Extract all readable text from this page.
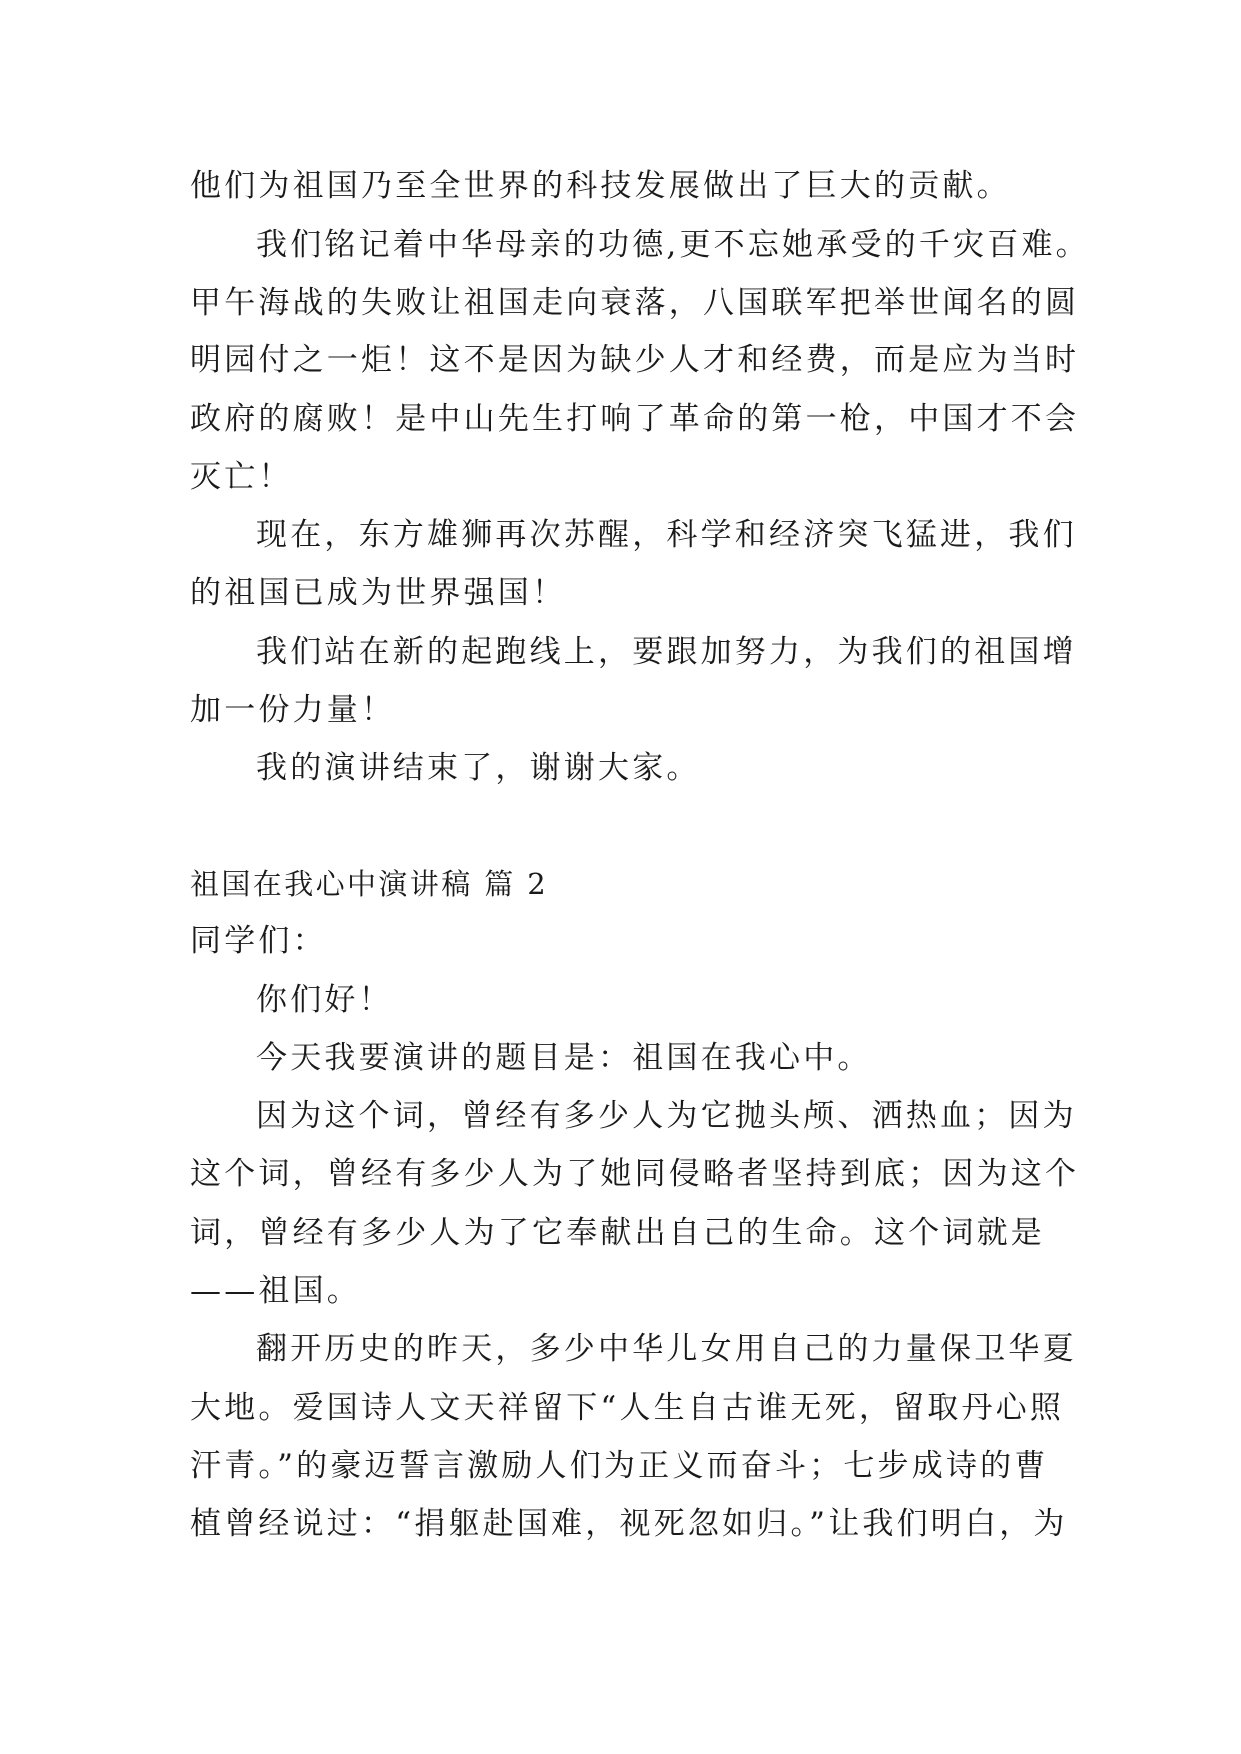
他们为祖国乃至全世界的科技发展做出了巨大的贡献。
我们铭记着中华母亲的功德,更不忘她承受的千灾百难。
甲午海战的失败让祖国走向衰落，八国联军把举世闻名的圆
明园付之一炬！这不是因为缺少人才和经费，而是应为当时
政府的腐败！是中山先生打响了革命的第一枪，中国才不会
灭亡！
现在，东方雄狮再次苏醒，科学和经济突飞猛进，我们
的祖国已成为世界强国！
我们站在新的起跑线上，要跟加努力，为我们的祖国增
加一份力量！
我的演讲结束了，谢谢大家。
祖国在我心中演讲稿 篇 2
同学们：
你们好！
今天我要演讲的题目是：祖国在我心中。
因为这个词，曾经有多少人为它抛头颅、洒热血；因为
这个词，曾经有多少人为了她同侵略者坚持到底；因为这个
词，曾经有多少人为了它奉献出自己的生命。这个词就是
——祖国。
翻开历史的昨天，多少中华儿女用自己的力量保卫华夏
大地。爱国诗人文天祥留下“人生自古谁无死，留取丹心照
汗青。”的豪迈誓言激励人们为正义而奋斗；七步成诗的曹
植曾经说过：“捐躯赴国难，视死忽如归。”让我们明白，为
